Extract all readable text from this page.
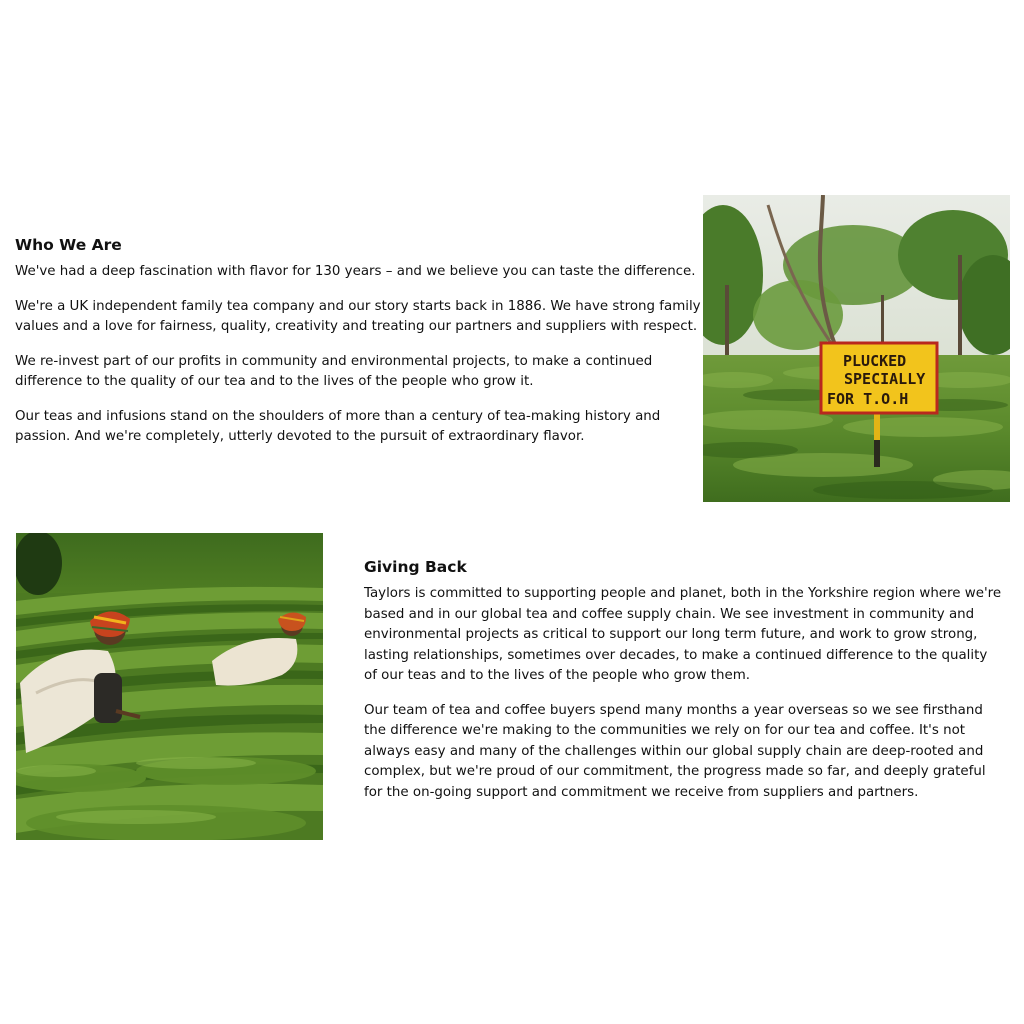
Who We Are

We've had a deep fascination with flavor for 130 years – and we believe you can taste the difference.

We're a UK independent family tea company and our story starts back in 1886. We have strong family values and a love for fairness, quality, creativity and treating our partners and suppliers with respect.

We re-invest part of our profits in community and environmental projects, to make a continued difference to the quality of our tea and to the lives of the people who grow it.

Our teas and infusions stand on the shoulders of more than a century of tea-making history and passion. And we're completely, utterly devoted to the pursuit of extraordinary flavor.

PLUCKED
SPECIALLY
FOR T.O.H
Giving Back

Taylors is committed to supporting people and planet, both in the Yorkshire region where we're based and in our global tea and coffee supply chain. We see investment in community and environmental projects as critical to support our long term future, and work to grow strong, lasting relationships, sometimes over decades, to make a continued difference to the quality of our teas and to the lives of the people who grow them.

Our team of tea and coffee buyers spend many months a year overseas so we see firsthand the difference we're making to the communities we rely on for our tea and coffee. It's not always easy and many of the challenges within our global supply chain are deep-rooted and complex, but we're proud of our commitment, the progress made so far, and deeply grateful for the on-going support and commitment we receive from suppliers and partners.
